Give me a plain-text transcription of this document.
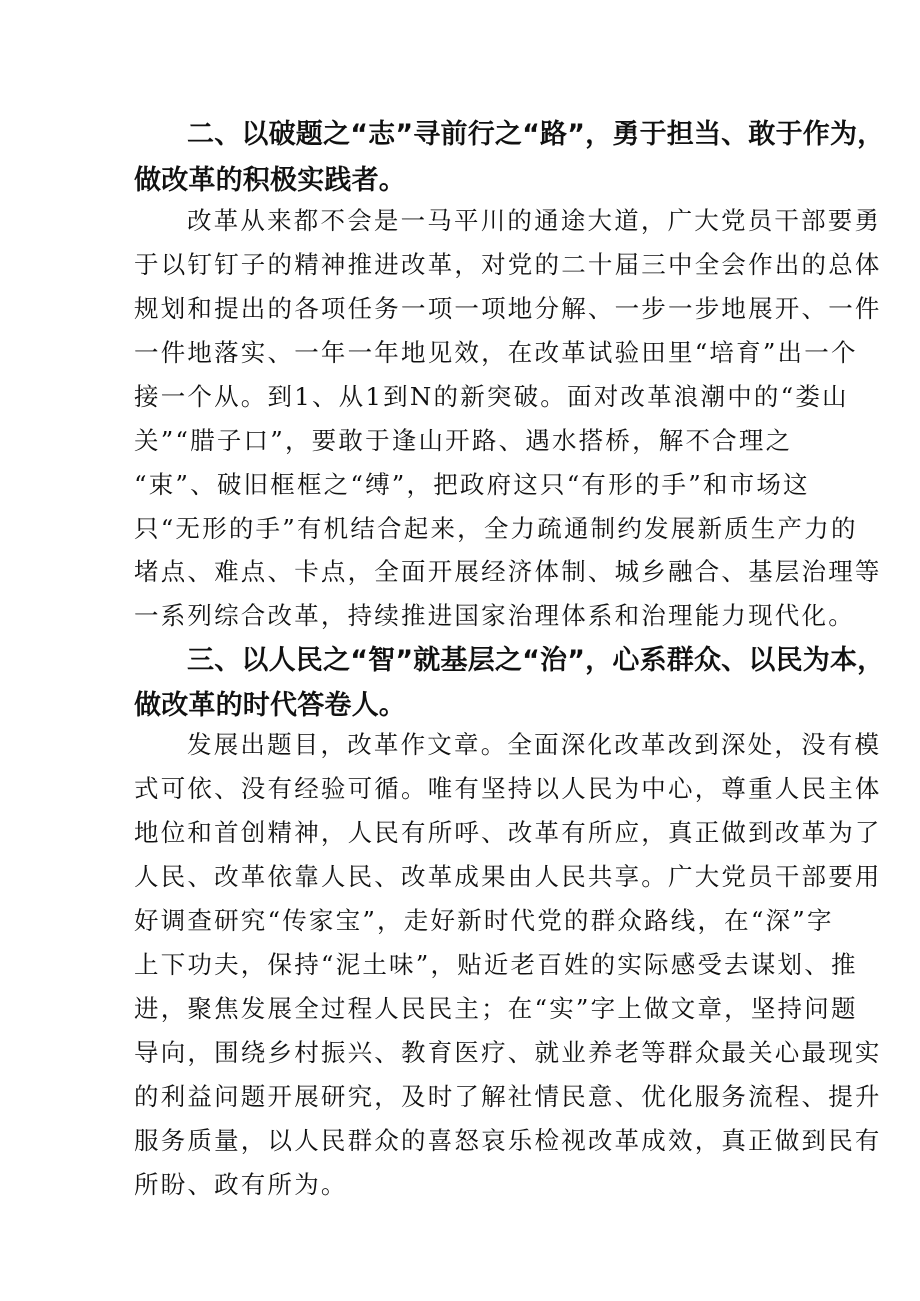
二、以破题之“志”寻前行之“路”，勇于担当、敢于作为，
做改革的积极实践者。
改革从来都不会是一马平川的通途大道，广大党员干部要勇
于以钉钉子的精神推进改革，对党的二十届三中全会作出的总体
规划和提出的各项任务一项一项地分解、一步一步地展开、一件
一件地落实、一年一年地见效，在改革试验田里“培育”出一个
接一个从。到1、从1到N的新突破。面对改革浪潮中的“娄山
关”“腊子口”，要敢于逢山开路、遇水搭桥，解不合理之
“束”、破旧框框之“缚”，把政府这只“有形的手”和市场这
只“无形的手”有机结合起来，全力疏通制约发展新质生产力的
堵点、难点、卡点，全面开展经济体制、城乡融合、基层治理等
一系列综合改革，持续推进国家治理体系和治理能力现代化。
三、以人民之“智”就基层之“治”，心系群众、以民为本，
做改革的时代答卷人。
发展出题目，改革作文章。全面深化改革改到深处，没有模
式可依、没有经验可循。唯有坚持以人民为中心，尊重人民主体
地位和首创精神，人民有所呼、改革有所应，真正做到改革为了
人民、改革依靠人民、改革成果由人民共享。广大党员干部要用
好调查研究“传家宝”，走好新时代党的群众路线，在“深”字
上下功夫，保持“泥土味”，贴近老百姓的实际感受去谋划、推
进，聚焦发展全过程人民民主；在“实”字上做文章，坚持问题
导向，围绕乡村振兴、教育医疗、就业养老等群众最关心最现实
的利益问题开展研究，及时了解社情民意、优化服务流程、提升
服务质量，以人民群众的喜怒哀乐检视改革成效，真正做到民有
所盼、政有所为。
